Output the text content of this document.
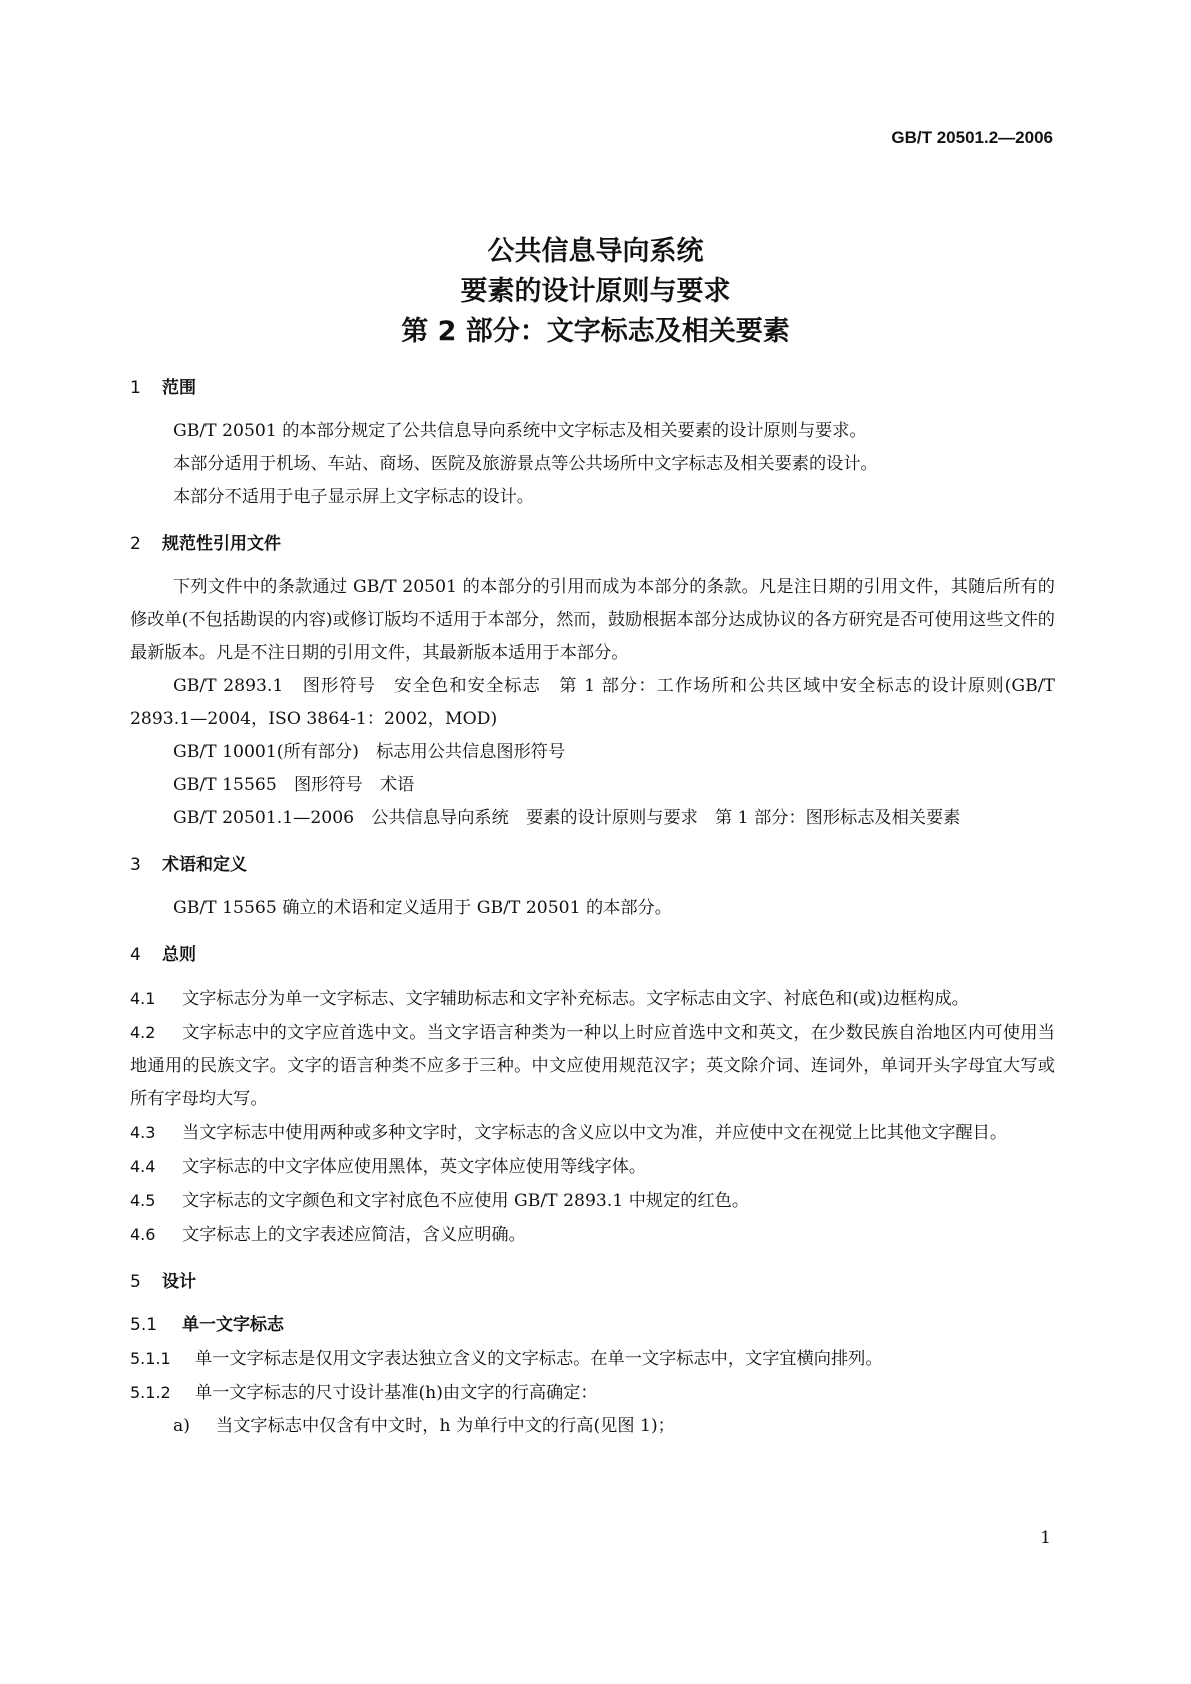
GB/T 20501.2—2006
公共信息导向系统
要素的设计原则与要求
第 2 部分：文字标志及相关要素
1 范围

GB/T 20501 的本部分规定了公共信息导向系统中文字标志及相关要素的设计原则与要求。

本部分适用于机场、车站、商场、医院及旅游景点等公共场所中文字标志及相关要素的设计。

本部分不适用于电子显示屏上文字标志的设计。

2 规范性引用文件

下列文件中的条款通过 GB/T 20501 的本部分的引用而成为本部分的条款。凡是注日期的引用文件，其随后所有的修改单(不包括勘误的内容)或修订版均不适用于本部分，然而，鼓励根据本部分达成协议的各方研究是否可使用这些文件的最新版本。凡是不注日期的引用文件，其最新版本适用于本部分。

GB/T 2893.1　图形符号　安全色和安全标志　第 1 部分：工作场所和公共区域中安全标志的设计原则(GB/T 2893.1—2004，ISO 3864-1：2002，MOD)

GB/T 10001(所有部分)　标志用公共信息图形符号

GB/T 15565　图形符号　术语

GB/T 20501.1—2006　公共信息导向系统　要素的设计原则与要求　第 1 部分：图形标志及相关要素

3 术语和定义

GB/T 15565 确立的术语和定义适用于 GB/T 20501 的本部分。

4 总则

4.1 文字标志分为单一文字标志、文字辅助标志和文字补充标志。文字标志由文字、衬底色和(或)边框构成。

4.2 文字标志中的文字应首选中文。当文字语言种类为一种以上时应首选中文和英文，在少数民族自治地区内可使用当地通用的民族文字。文字的语言种类不应多于三种。中文应使用规范汉字；英文除介词、连词外，单词开头字母宜大写或所有字母均大写。

4.3 当文字标志中使用两种或多种文字时，文字标志的含义应以中文为准，并应使中文在视觉上比其他文字醒目。

4.4 文字标志的中文字体应使用黑体，英文字体应使用等线字体。

4.5 文字标志的文字颜色和文字衬底色不应使用 GB/T 2893.1 中规定的红色。

4.6 文字标志上的文字表述应简洁，含义应明确。

5 设计
5.1 单一文字标志

5.1.1 单一文字标志是仅用文字表达独立含义的文字标志。在单一文字标志中，文字宜横向排列。

5.1.2 单一文字标志的尺寸设计基准(h)由文字的行高确定：

a) 当文字标志中仅含有中文时，h 为单行中文的行高(见图 1)；

1
